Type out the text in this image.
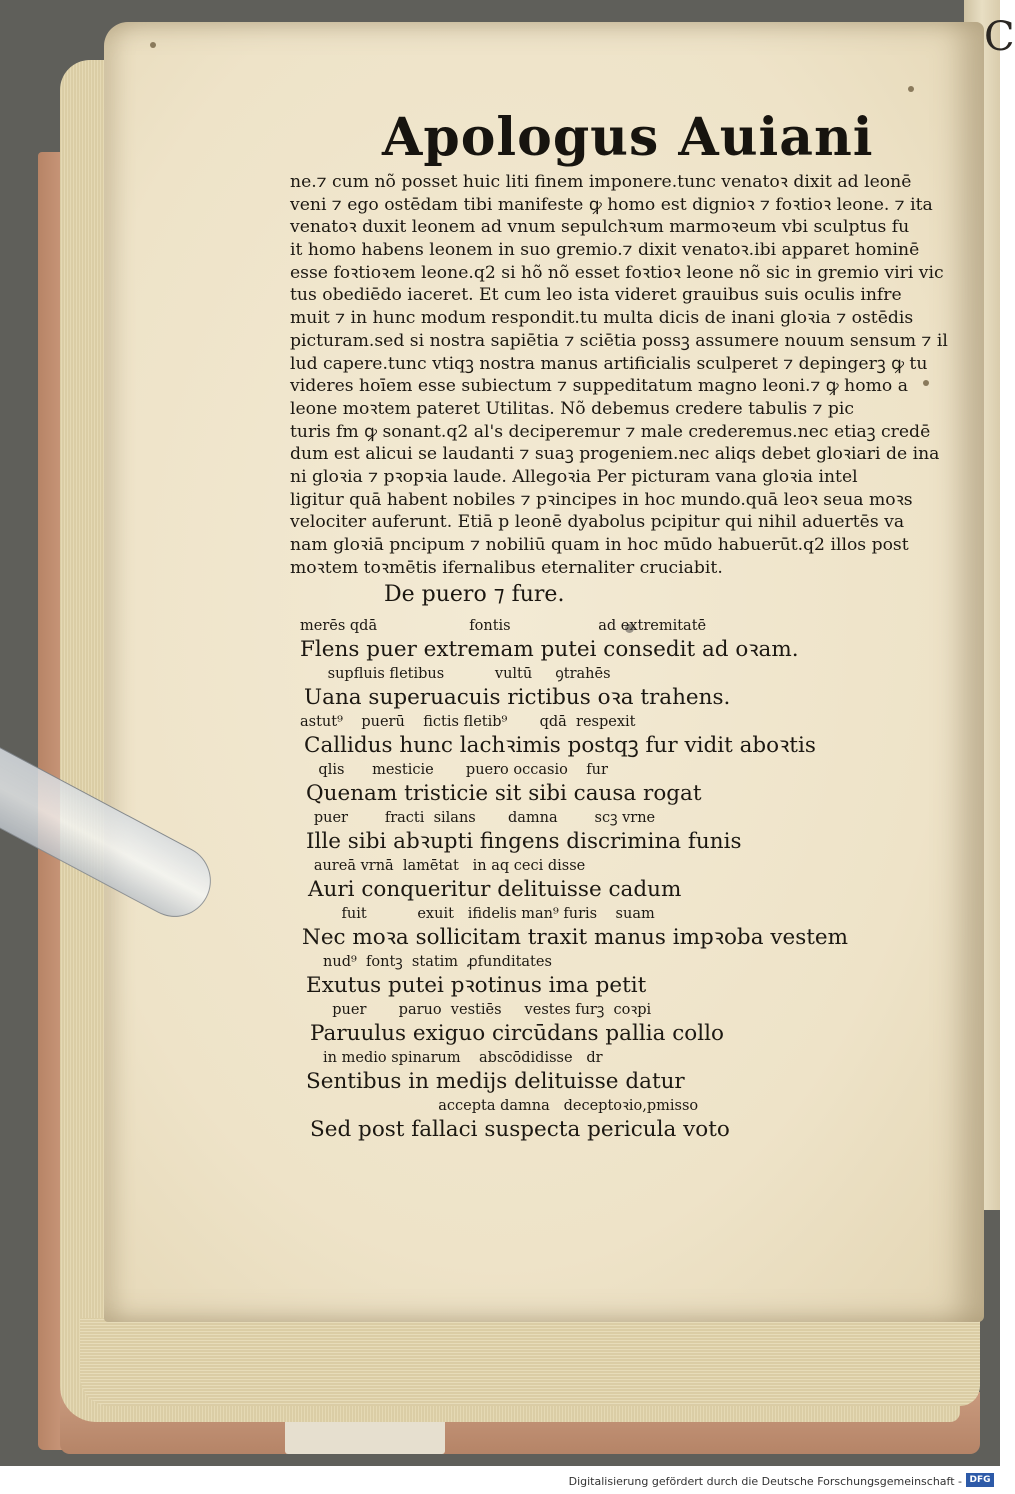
C
Apologus Auiani
ne.⁊ cum nõ posset huic liti finem imponere.tunc venatoꝛ dixit ad leonē
veni ⁊ ego ostēdam tibi manifeste ꝙ homo est dignioꝛ ⁊ foꝛtioꝛ leone. ⁊ ita
venatoꝛ duxit leonem ad vnum sepulchꝛum marmoꝛeum vbi sculptus fu
it homo habens leonem in suo gremio.⁊ dixit venatoꝛ.ibi apparet hominē
esse foꝛtioꝛem leone.q2 si hõ nõ esset foꝛtioꝛ leone nõ sic in gremio viri vic
tus obediēdo iaceret. Et cum leo ista videret grauibus suis oculis infre
muit ⁊ in hunc modum respondit.tu multa dicis de inani gloꝛia ⁊ ostēdis
picturam.sed si nostra sapiētia ⁊ sciētia possꝫ assumere nouum sensum ⁊ il
lud capere.tunc vtiqꝫ nostra manus artificialis sculperet ⁊ depingerꝫ ꝙ tu
videres hoīem esse subiectum ⁊ suppeditatum magno leoni.⁊ ꝙ homo a
leone moꝛtem pateret Utilitas. Nõ debemus credere tabulis ⁊ pic
turis fm ꝙ sonant.q2 al's deciperemur ⁊ male crederemus.nec etiaꝫ credē
dum est alicui se laudanti ⁊ suaꝫ progeniem.nec aliqs debet gloꝛiari de ina
ni gloꝛia ⁊ pꝛopꝛia laude. Allegoꝛia Per picturam vana gloꝛia intel
ligitur quā habent nobiles ⁊ pꝛincipes in hoc mundo.quā leoꝛ seua moꝛs
velociter auferunt. Etiā p leonē dyabolus pcipitur qui nihil aduertēs va
nam gloꝛiā pncipum ⁊ nobiliū quam in hoc mūdo habuerūt.q2 illos post
moꝛtem toꝛmētis ifernalibus eternaliter cruciabit.
De puero ⁊ fure.
merēs qdā                    fontis                   ad extremitatē
Flens puer extremam putei consedit ad oꝛam.
supfluis fletibus           vultū     ꝯtrahēs
Uana superuacuis rictibus oꝛa trahens.
astut⁹    puerū    fictis fletib⁹       qdā  respexit
Callidus hunc lachꝛimis postqꝫ fur vidit aboꝛtis
qlis      mesticie       puero occasio    fur
Quenam tristicie sit sibi causa rogat
puer        fracti  silans       damna        scꝫ vrne
Ille sibi abꝛupti fingens discrimina funis
aureā vrnā  lamētat   in aq ceci disse
Auri conqueritur delituisse cadum
fuit           exuit   ifidelis man⁹ furis    suam
Nec moꝛa sollicitam traxit manus impꝛoba vestem
nud⁹  fontꝫ  statim  ꝓfunditates
Exutus putei pꝛotinus ima petit
puer       paruo  vestiēs     vestes furꝫ  coꝛpi
Paruulus exiguo circūdans pallia collo
in medio spinarum    abscōdidisse   dr
Sentibus in medijs delituisse datur
accepta damna   deceptoꝛio,pmisso
Sed post fallaci suspecta pericula voto
Digitalisierung gefördert durch die Deutsche Forschungsgemeinschaft - DFG
